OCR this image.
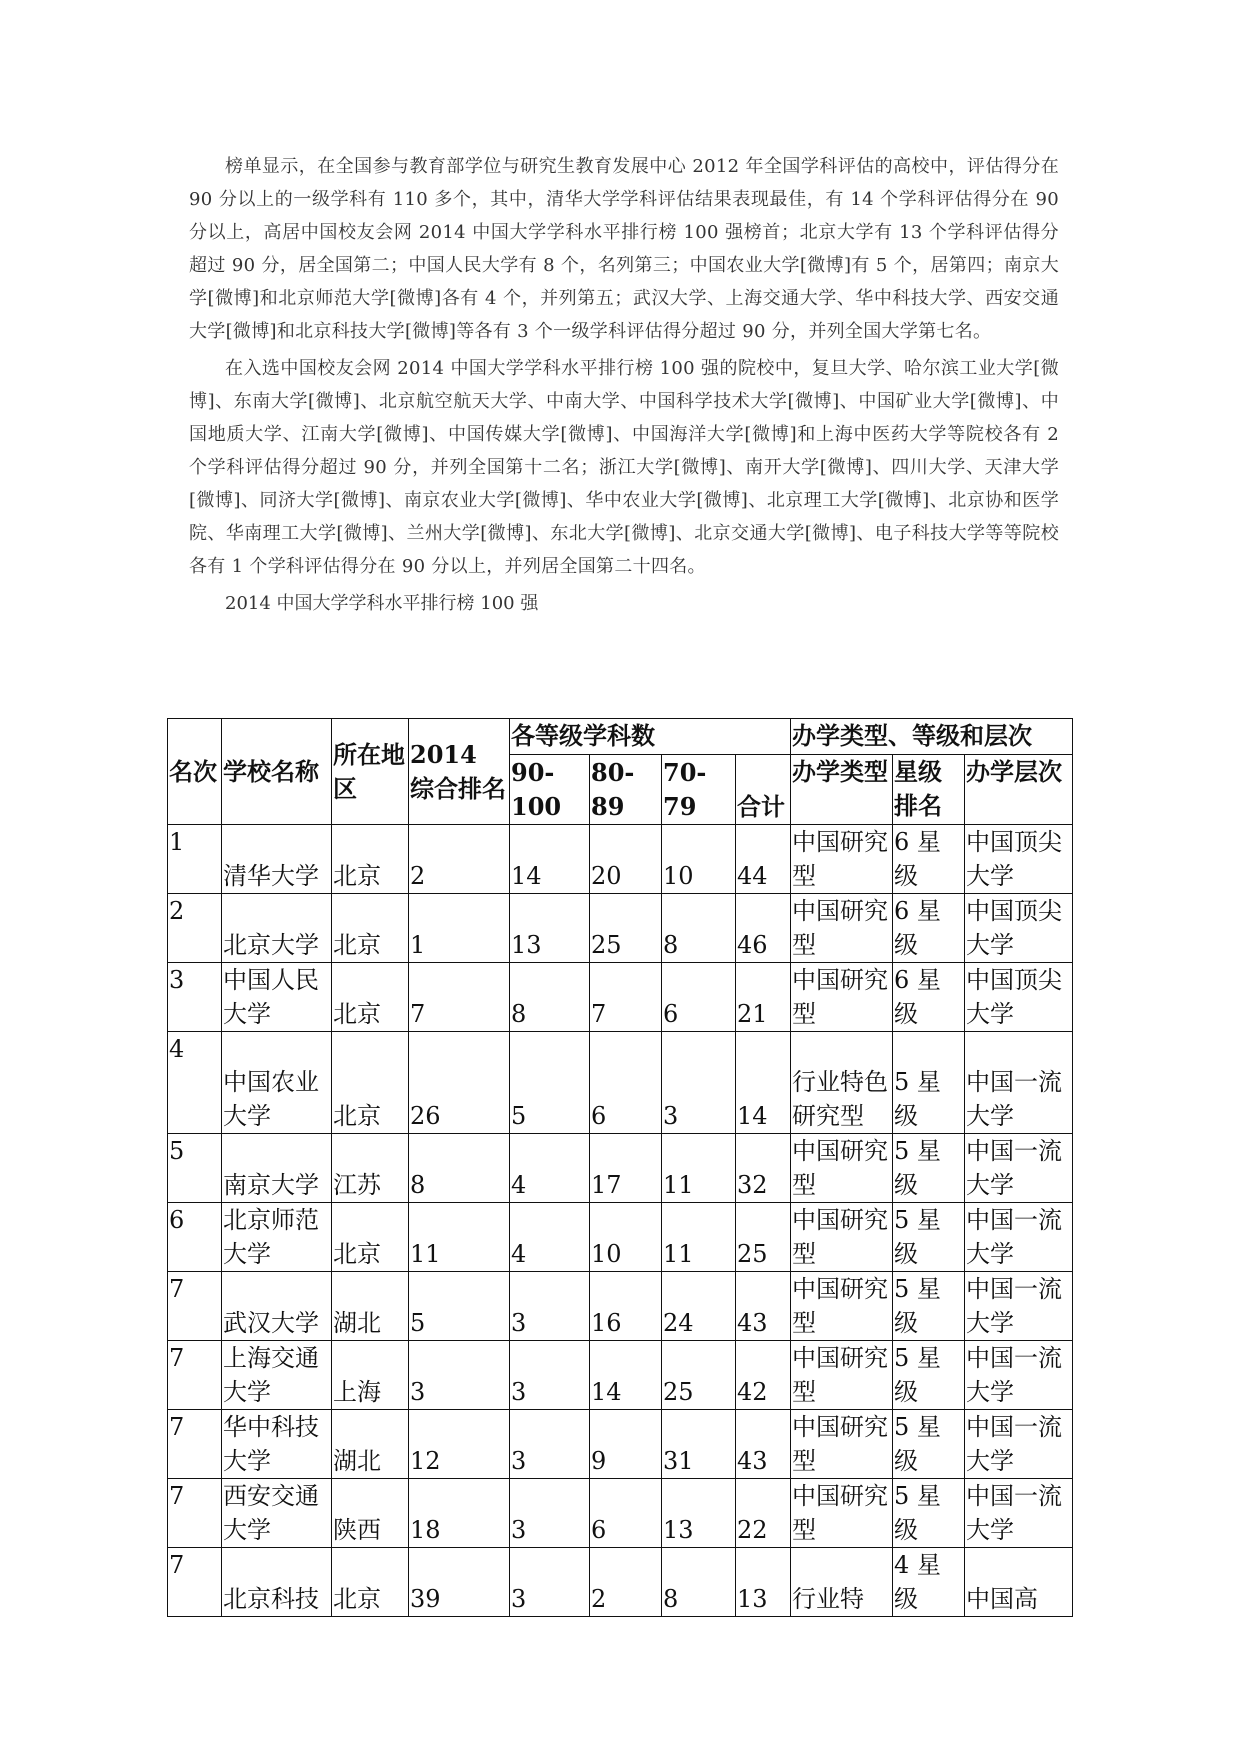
榜单显示，在全国参与教育部学位与研究生教育发展中心 2012 年全国学科评估的高校中，评估得分在 90 分以上的一级学科有 110 多个，其中，清华大学学科评估结果表现最佳，有 14 个学科评估得分在 90 分以上，高居中国校友会网 2014 中国大学学科水平排行榜 100 强榜首；北京大学有 13 个学科评估得分超过 90 分，居全国第二；中国人民大学有 8 个，名列第三；中国农业大学[微博]有 5 个，居第四；南京大学[微博]和北京师范大学[微博]各有 4 个，并列第五；武汉大学、上海交通大学、华中科技大学、西安交通大学[微博]和北京科技大学[微博]等各有 3 个一级学科评估得分超过 90 分，并列全国大学第七名。

在入选中国校友会网 2014 中国大学学科水平排行榜 100 强的院校中，复旦大学、哈尔滨工业大学[微博]、东南大学[微博]、北京航空航天大学、中南大学、中国科学技术大学[微博]、中国矿业大学[微博]、中国地质大学、江南大学[微博]、中国传媒大学[微博]、中国海洋大学[微博]和上海中医药大学等院校各有 2 个学科评估得分超过 90 分，并列全国第十二名；浙江大学[微博]、南开大学[微博]、四川大学、天津大学[微博]、同济大学[微博]、南京农业大学[微博]、华中农业大学[微博]、北京理工大学[微博]、北京协和医学院、华南理工大学[微博]、兰州大学[微博]、东北大学[微博]、北京交通大学[微博]、电子科技大学等等院校各有 1 个学科评估得分在 90 分以上，并列居全国第二十四名。

2014 中国大学学科水平排行榜 100 强

名次	学校名称	所在地区	2014 综合排名	各等级学科数				办学类型、等级和层次		
				90-100	80-89	70-79	合计	办学类型	星级排名	办学层次
1	清华大学	北京	2	14	20	10	44	中国研究型	6 星级	中国顶尖大学
2	北京大学	北京	1	13	25	8	46	中国研究型	6 星级	中国顶尖大学
3	中国人民大学	北京	7	8	7	6	21	中国研究型	6 星级	中国顶尖大学
4	中国农业大学	北京	26	5	6	3	14	行业特色研究型	5 星级	中国一流大学
5	南京大学	江苏	8	4	17	11	32	中国研究型	5 星级	中国一流大学
6	北京师范大学	北京	11	4	10	11	25	中国研究型	5 星级	中国一流大学
7	武汉大学	湖北	5	3	16	24	43	中国研究型	5 星级	中国一流大学
7	上海交通大学	上海	3	3	14	25	42	中国研究型	5 星级	中国一流大学
7	华中科技大学	湖北	12	3	9	31	43	中国研究型	5 星级	中国一流大学
7	西安交通大学	陕西	18	3	6	13	22	中国研究型	5 星级	中国一流大学
7	北京科技	北京	39	3	2	8	13	行业特	4 星级	中国高
